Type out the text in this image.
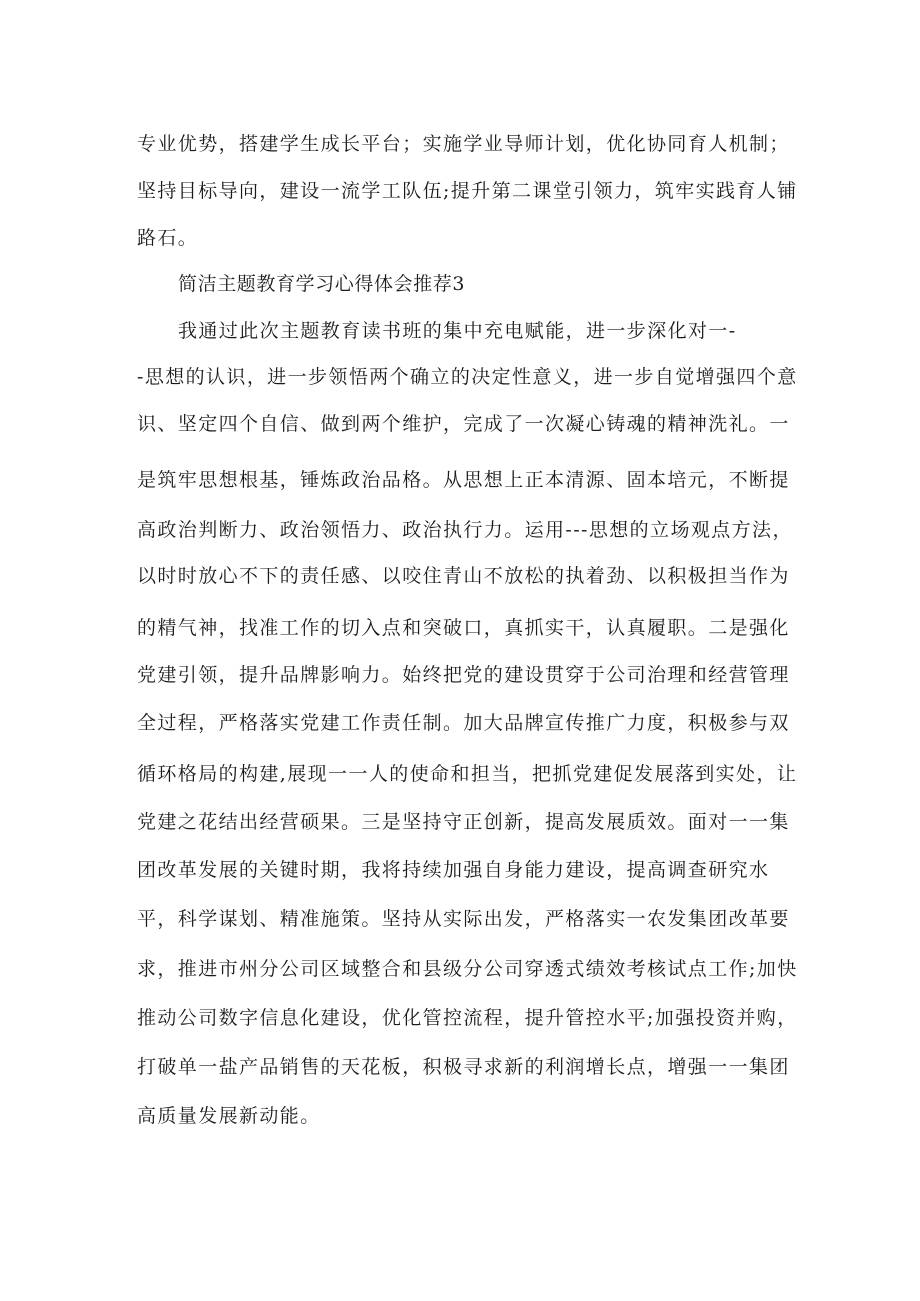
专业优势，搭建学生成长平台；实施学业导师计划，优化协同育人机制；
坚持目标导向，建设一流学工队伍;提升第二课堂引领力，筑牢实践育人铺
路石。
简洁主题教育学习心得体会推荐3
我通过此次主题教育读书班的集中充电赋能，进一步深化对一-
-思想的认识，进一步领悟两个确立的决定性意义，进一步自觉增强四个意
识、坚定四个自信、做到两个维护，完成了一次凝心铸魂的精神洗礼。一
是筑牢思想根基，锤炼政治品格。从思想上正本清源、固本培元，不断提
高政治判断力、政治领悟力、政治执行力。运用---思想的立场观点方法，
以时时放心不下的责任感、以咬住青山不放松的执着劲、以积极担当作为
的精气神，找准工作的切入点和突破口，真抓实干，认真履职。二是强化
党建引领，提升品牌影响力。始终把党的建设贯穿于公司治理和经营管理
全过程，严格落实党建工作责任制。加大品牌宣传推广力度，积极参与双
循环格局的构建,展现一一人的使命和担当，把抓党建促发展落到实处，让
党建之花结出经营硕果。三是坚持守正创新，提高发展质效。面对一一集
团改革发展的关键时期，我将持续加强自身能力建设，提高调查研究水
平，科学谋划、精准施策。坚持从实际出发，严格落实一农发集团改革要
求，推进市州分公司区域整合和县级分公司穿透式绩效考核试点工作;加快
推动公司数字信息化建设，优化管控流程，提升管控水平;加强投资并购，
打破单一盐产品销售的天花板，积极寻求新的利润增长点，增强一一集团
高质量发展新动能。
